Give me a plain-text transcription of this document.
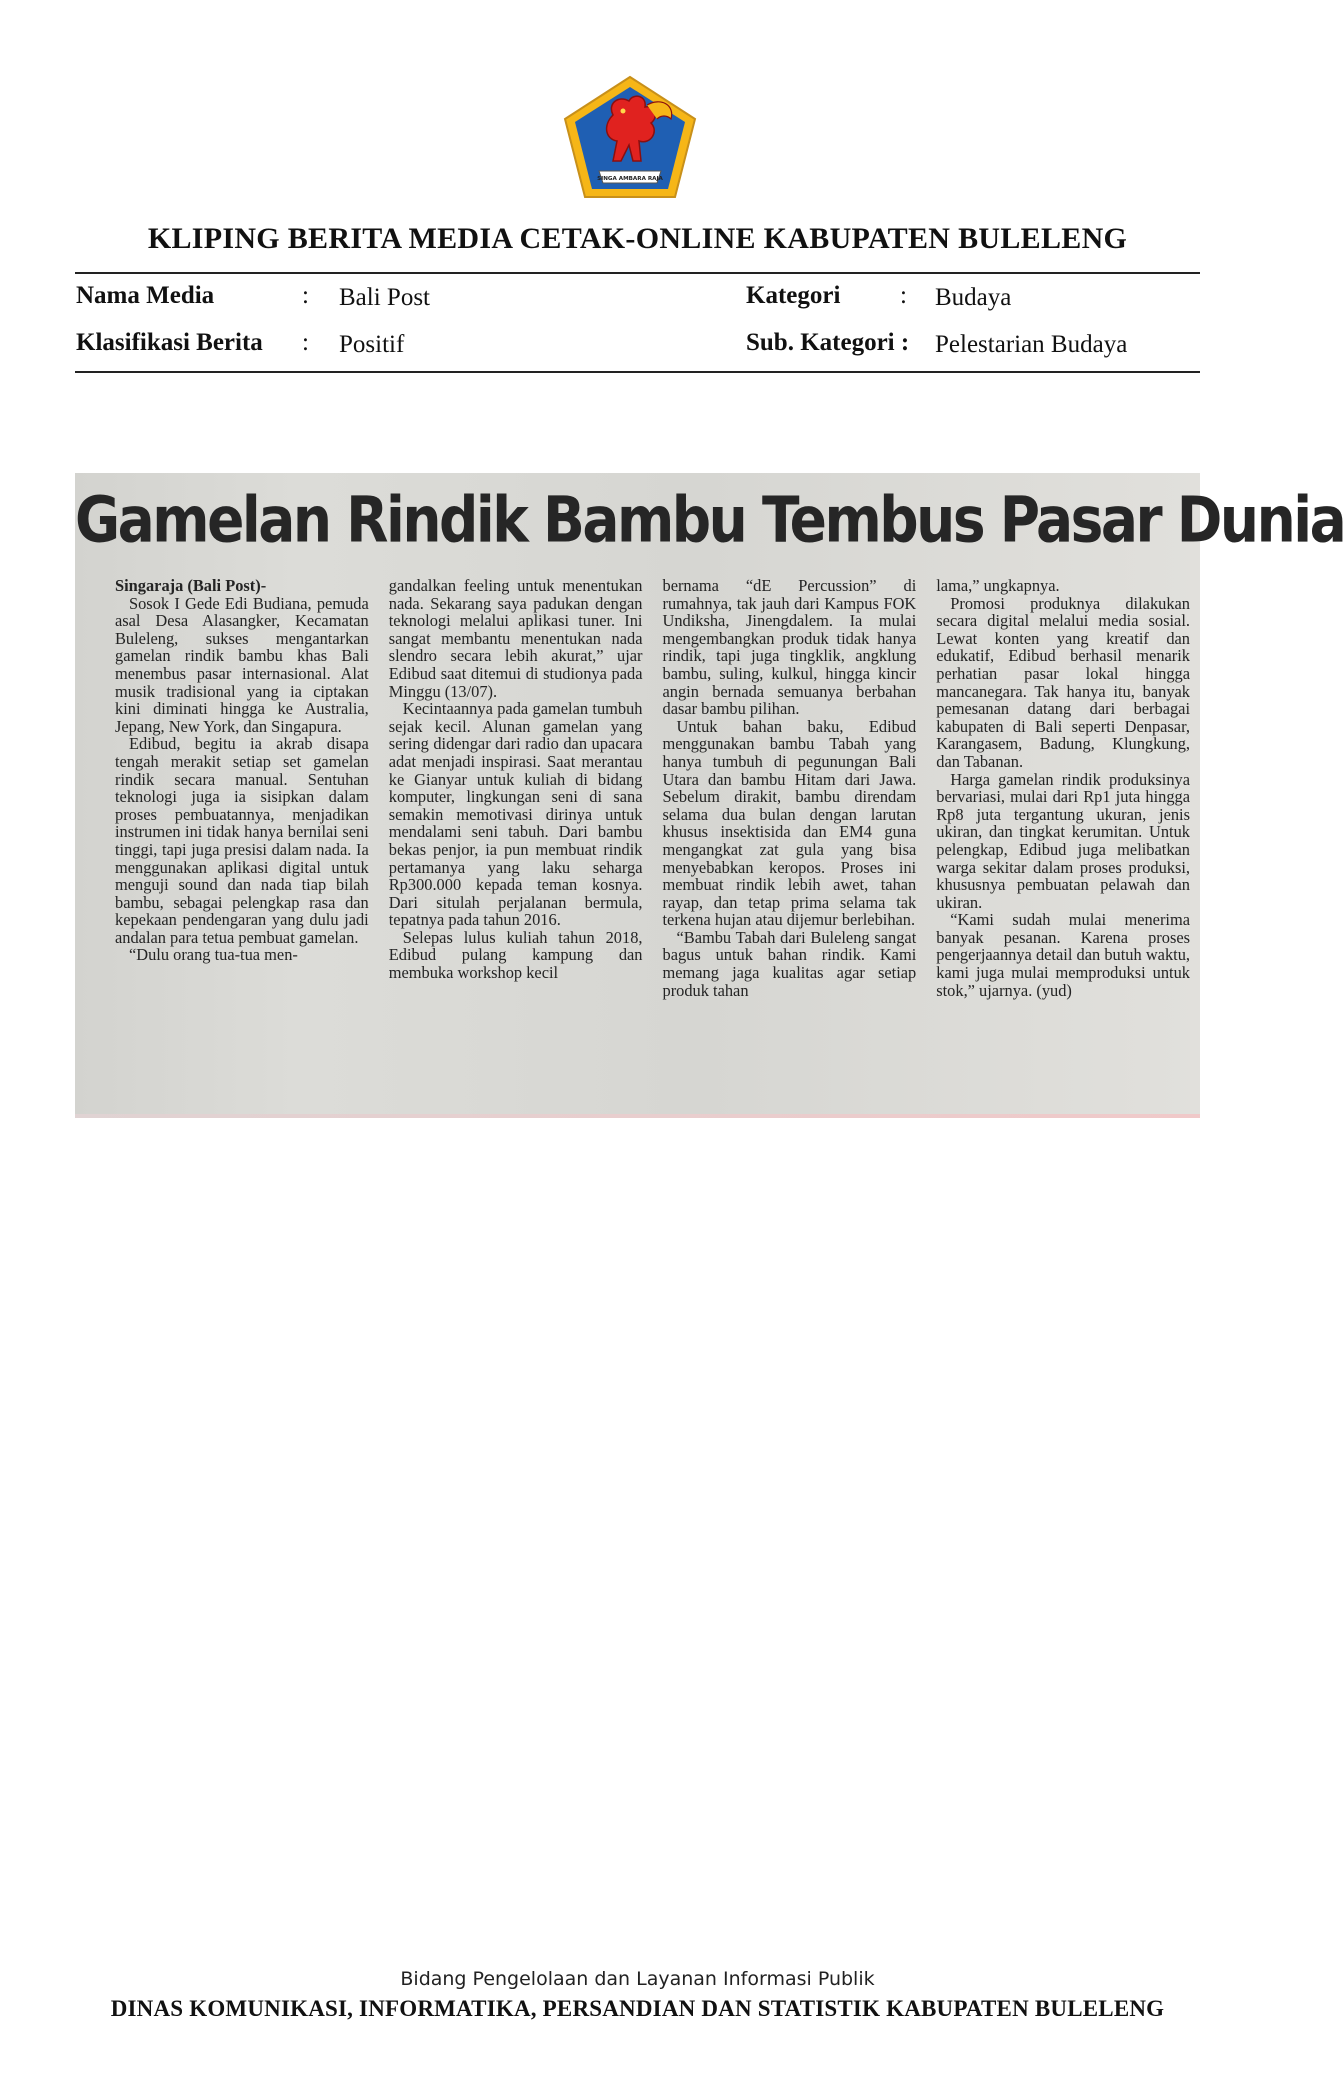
SINGA AMBARA RAJA
KLIPING BERITA MEDIA CETAK-ONLINE KABUPATEN BULELENG
Nama Media	: Bali Post
Klasifikasi Berita : Positif
Kategori : Budaya
Sub. Kategori : Pelestarian Budaya
Gamelan Rindik Bambu Tembus Pasar Dunia

Singaraja (Bali Post)-

Sosok I Gede Edi Budiana, pemuda asal Desa Alasangker, Kecamatan Buleleng, sukses mengantarkan gamelan rindik bambu khas Bali menembus pasar internasional. Alat musik tradisional yang ia ciptakan kini diminati hingga ke Australia, Jepang, New York, dan Singapura.

Edibud, begitu ia akrab disapa tengah merakit setiap set gamelan rindik secara manual. Sentuhan teknologi juga ia sisipkan dalam proses pembuatannya, menjadikan instrumen ini tidak hanya bernilai seni tinggi, tapi juga presisi dalam nada. Ia menggunakan aplikasi digital untuk menguji sound dan nada tiap bilah bambu, sebagai pelengkap rasa dan kepekaan pendengaran yang dulu jadi andalan para tetua pembuat gamelan.

“Dulu orang tua-tua men-

gandalkan feeling untuk menentukan nada. Sekarang saya padukan dengan teknologi melalui aplikasi tuner. Ini sangat membantu menentukan nada slendro secara lebih akurat,” ujar Edibud saat ditemui di studionya pada Minggu (13/07).

Kecintaannya pada gamelan tumbuh sejak kecil. Alunan gamelan yang sering didengar dari radio dan upacara adat menjadi inspirasi. Saat merantau ke Gianyar untuk kuliah di bidang komputer, lingkungan seni di sana semakin memotivasi dirinya untuk mendalami seni tabuh. Dari bambu bekas penjor, ia pun membuat rindik pertamanya yang laku seharga Rp300.000 kepada teman kosnya. Dari situlah perjalanan bermula, tepatnya pada tahun 2016.

Selepas lulus kuliah tahun 2018, Edibud pulang kampung dan membuka workshop kecil

bernama “dE Percussion” di rumahnya, tak jauh dari Kampus FOK Undiksha, Jinengdalem. Ia mulai mengembangkan produk tidak hanya rindik, tapi juga tingklik, angklung bambu, suling, kulkul, hingga kincir angin bernada semuanya berbahan dasar bambu pilihan.

Untuk bahan baku, Edibud menggunakan bambu Tabah yang hanya tumbuh di pegunungan Bali Utara dan bambu Hitam dari Jawa. Sebelum dirakit, bambu direndam selama dua bulan dengan larutan khusus insektisida dan EM4 guna mengangkat zat gula yang bisa menyebabkan keropos. Proses ini membuat rindik lebih awet, tahan rayap, dan tetap prima selama tak terkena hujan atau dijemur berlebihan.

“Bambu Tabah dari Buleleng sangat bagus untuk bahan rindik. Kami memang jaga kualitas agar setiap produk tahan

lama,” ungkapnya.

Promosi produknya dilakukan secara digital melalui media sosial. Lewat konten yang kreatif dan edukatif, Edibud berhasil menarik perhatian pasar lokal hingga mancanegara. Tak hanya itu, banyak pemesanan datang dari berbagai kabupaten di Bali seperti Denpasar, Karangasem, Badung, Klungkung, dan Tabanan.

Harga gamelan rindik produksinya bervariasi, mulai dari Rp1 juta hingga Rp8 juta tergantung ukuran, jenis ukiran, dan tingkat kerumitan. Untuk pelengkap, Edibud juga melibatkan warga sekitar dalam proses produksi, khususnya pembuatan pelawah dan ukiran.

“Kami sudah mulai menerima banyak pesanan. Karena proses pengerjaannya detail dan butuh waktu, kami juga mulai memproduksi untuk stok,” ujarnya. (yud)

Bidang Pengelolaan dan Layanan Informasi Publik
DINAS KOMUNIKASI, INFORMATIKA, PERSANDIAN DAN STATISTIK KABUPATEN BULELENG
